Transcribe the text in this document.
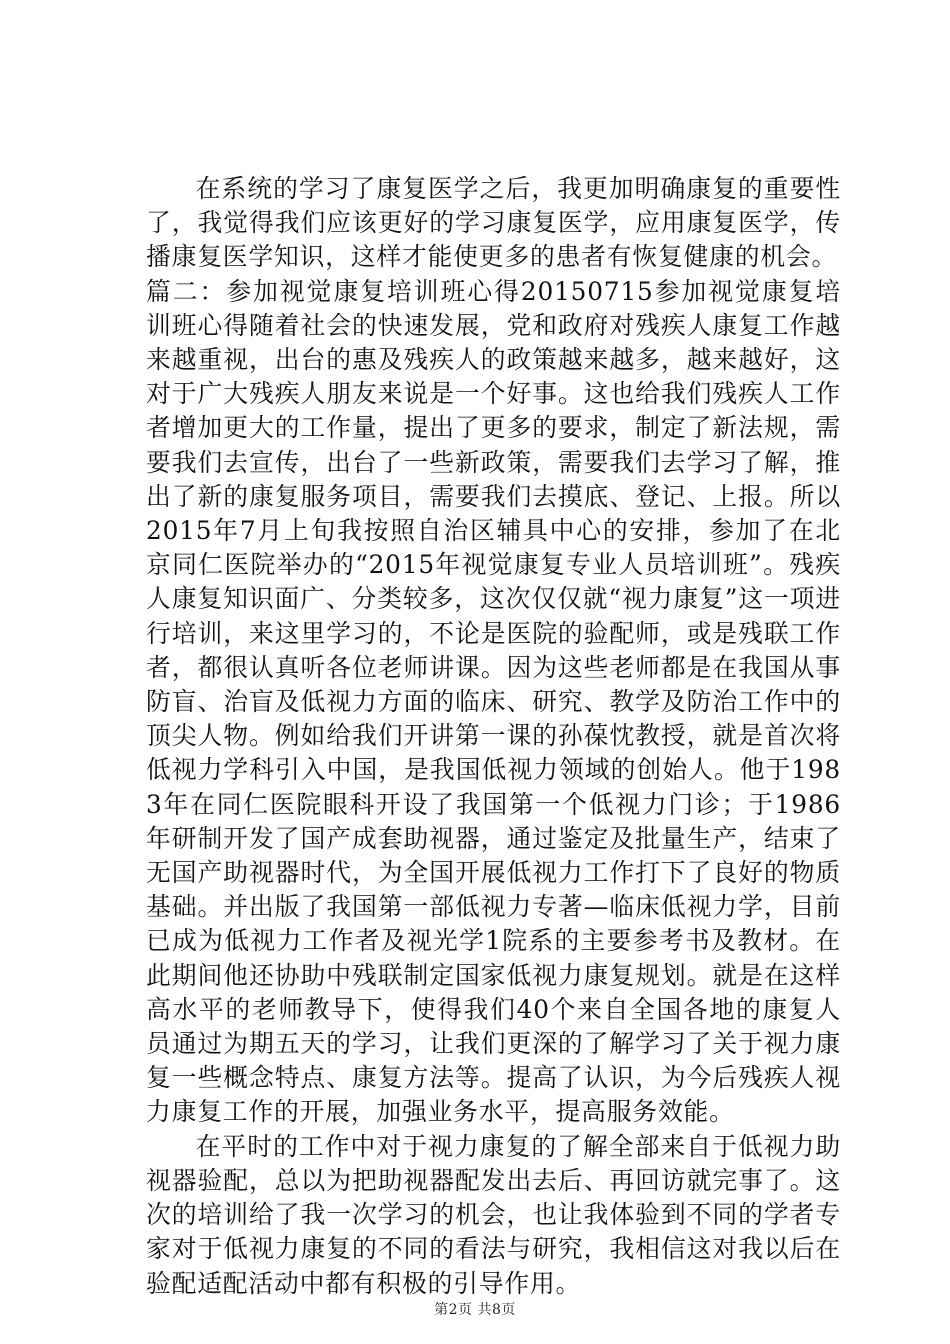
在系统的学习了康复医学之后，我更加明确康复的重要性了，我觉得我们应该更好的学习康复医学，应用康复医学，传播康复医学知识，这样才能使更多的患者有恢复健康的机会。

篇二：参加视觉康复培训班心得20150715参加视觉康复培训班心得随着社会的快速发展，党和政府对残疾人康复工作越来越重视，出台的惠及残疾人的政策越来越多，越来越好，这对于广大残疾人朋友来说是一个好事。这也给我们残疾人工作者增加更大的工作量，提出了更多的要求，制定了新法规，需要我们去宣传，出台了一些新政策，需要我们去学习了解，推出了新的康复服务项目，需要我们去摸底、登记、上报。所以2015年7月上旬我按照自治区辅具中心的安排，参加了在北京同仁医院举办的“2015年视觉康复专业人员培训班”。残疾人康复知识面广、分类较多，这次仅仅就“视力康复”这一项进行培训，来这里学习的，不论是医院的验配师，或是残联工作者，都很认真听各位老师讲课。因为这些老师都是在我国从事防盲、治盲及低视力方面的临床、研究、教学及防治工作中的顶尖人物。例如给我们开讲第一课的孙葆忱教授，就是首次将低视力学科引入中国，是我国低视力领域的创始人。他于1983年在同仁医院眼科开设了我国第一个低视力门诊；于1986年研制开发了国产成套助视器，通过鉴定及批量生产，结束了无国产助视器时代，为全国开展低视力工作打下了良好的物质基础。并出版了我国第一部低视力专著—临床低视力学，目前已成为低视力工作者及视光学1院系的主要参考书及教材。在此期间他还协助中残联制定国家低视力康复规划。就是在这样高水平的老师教导下，使得我们40个来自全国各地的康复人员通过为期五天的学习，让我们更深的了解学习了关于视力康复一些概念特点、康复方法等。提高了认识，为今后残疾人视力康复工作的开展，加强业务水平，提高服务效能。

在平时的工作中对于视力康复的了解全部来自于低视力助视器验配，总以为把助视器配发出去后、再回访就完事了。这次的培训给了我一次学习的机会，也让我体验到不同的学者专家对于低视力康复的不同的看法与研究，我相信这对我以后在验配适配活动中都有积极的引导作用。

第2页 共8页
